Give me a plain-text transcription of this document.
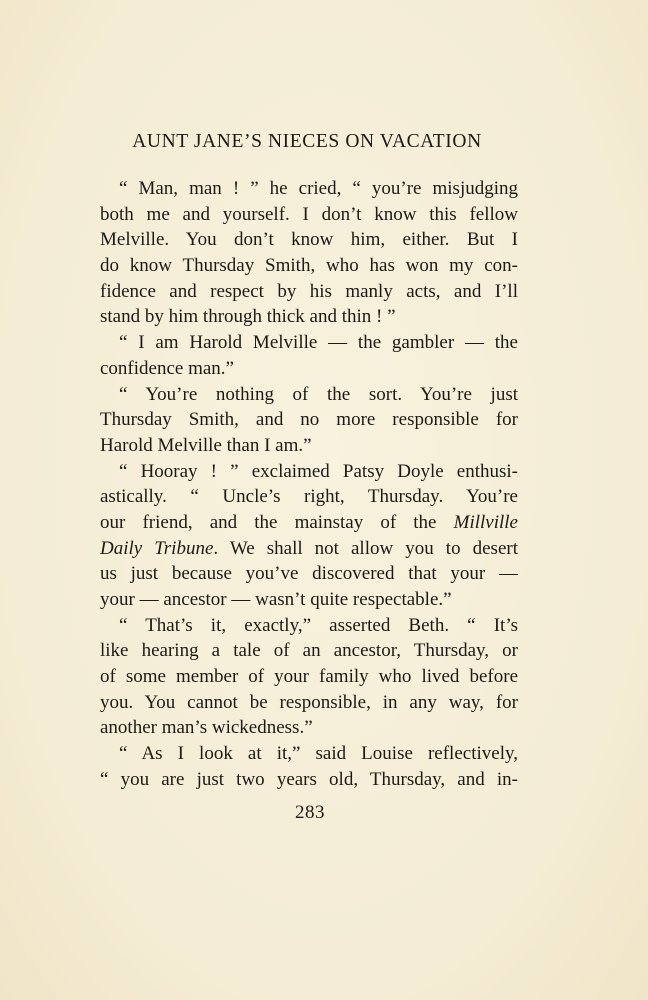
AUNT JANE’S NIECES ON VACATION
“ Man, man ! ” he cried, “ you’re misjudging
both me and yourself. I don’t know this fellow
Melville. You don’t know him, either. But I
do know Thursday Smith, who has won my con-
fidence and respect by his manly acts, and I’ll
stand by him through thick and thin ! ”
“ I am Harold Melville — the gambler — the
confidence man.”
“ You’re nothing of the sort. You’re just
Thursday Smith, and no more responsible for
Harold Melville than I am.”
“ Hooray ! ” exclaimed Patsy Doyle enthusi-
astically. “ Uncle’s right, Thursday. You’re
our friend, and the mainstay of the Millville
Daily Tribune. We shall not allow you to desert
us just because you’ve discovered that your —
your — ancestor — wasn’t quite respectable.”
“ That’s it, exactly,” asserted Beth. “ It’s
like hearing a tale of an ancestor, Thursday, or
of some member of your family who lived before
you. You cannot be responsible, in any way, for
another man’s wickedness.”
“ As I look at it,” said Louise reflectively,
“ you are just two years old, Thursday, and in-
283
